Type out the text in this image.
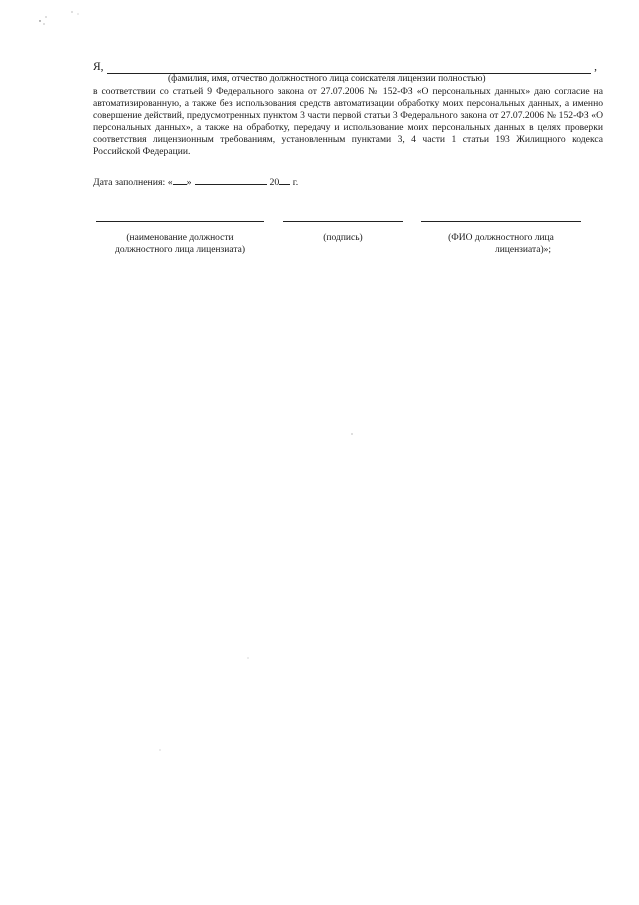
Я,	,
(фамилия, имя, отчество должностного лица соискателя лицензии полностью)
в соответствии со статьей 9 Федерального закона от 27.07.2006 № 152-ФЗ «О персональных данных» даю согласие на автоматизированную, а также без использования средств автоматизации обработку моих персональных данных, а именно совершение действий, предусмотренных пунктом 3 части первой статьи 3 Федерального закона от 27.07.2006 № 152-ФЗ «О персональных данных», а также на обработку, передачу и использование моих персональных данных в целях проверки соответствия лицензионным требованиям, установленным пунктами 3, 4 части 1 статьи 193 Жилищного кодекса Российской Федерации.
Дата заполнения: « »	20 г.
(наименование должности
должностного лица лицензиата)
(подпись)	(ФИО должностного лица
лицензиата)»;
